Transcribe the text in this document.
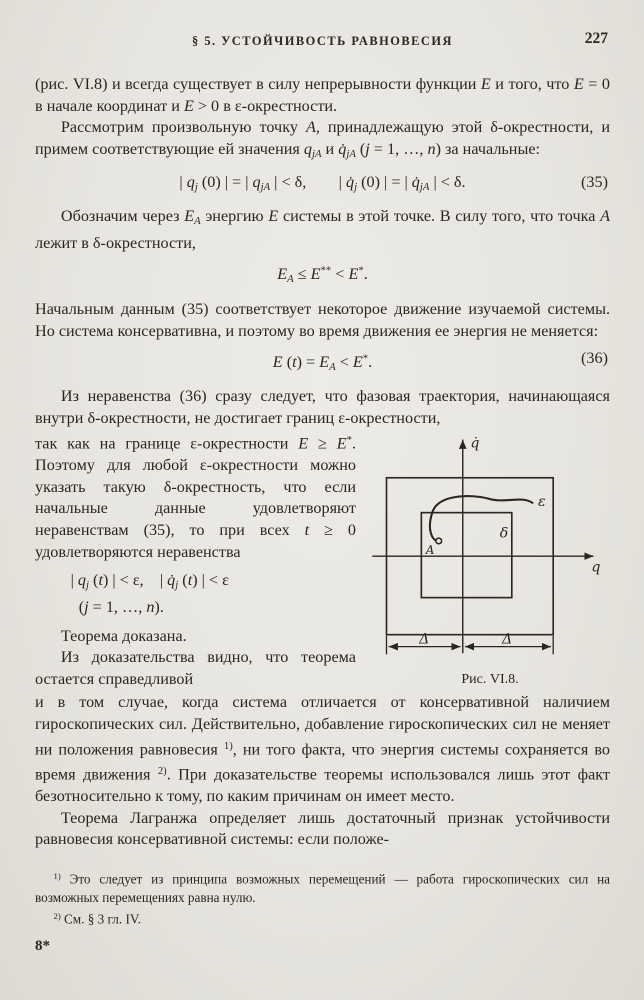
§ 5. УСТОЙЧИВОСТЬ РАВНОВЕСИЯ	227

(рис. VI.8) и всегда существует в силу непрерывности функции E и того, что E = 0 в начале координат и E > 0 в ε-окрестности.

Рассмотрим произвольную точку A, принадлежащую этой δ-окрестности, и примем соответствующие ей значения qjA и q̇jA (j = 1, …, n) за начальные:

| qj (0) | = | qjA | < δ,  | q̇j (0) | = | q̇jA | < δ.	(35)

Обозначим через EA энергию E системы в этой точке. В силу того, что точка A лежит в δ-окрестности,

EA ≤ E** < E*.

Начальным данным (35) соответствует некоторое движение изучаемой системы. Но система консервативна, и поэтому во время движения ее энергия не меняется:

E (t) = EA < E*.	(36)

Из неравенства (36) сразу следует, что фазовая траектория, начинающаяся внутри δ-окрестности, не достигает границ ε-окрестности,

q̇
q
ε
δ
A
Δ	Δ
Рис. VI.8.

так как на границе ε-окрестности E ≥ E*. Поэтому для любой ε-окрестности можно указать такую δ-окрестность, что если начальные данные удовлетворяют неравенствам (35), то при всех t ≥ 0 удовлетворяются неравенства

| qj (t) | < ε, | q̇j (t) | < ε
(j = 1, …, n).

Теорема доказана.

Из доказательства видно, что теорема остается справедливой

и в том случае, когда система отличается от консервативной наличием гироскопических сил. Действительно, добавление гироскопических сил не меняет ни положения равновесия $^{1)}$, ни того факта, что энергия системы сохраняется во время движения $^{2)}$. При доказательстве теоремы использовался лишь этот факт безотносительно к тому, по каким причинам он имеет место.

Теорема Лагранжа определяет лишь достаточный признак устойчивости равновесия консервативной системы: если положе-

$^{1)}$ Это следует из принципа возможных перемещений — работа гироскопических сил на возможных перемещениях равна нулю.

$^{2)}$ См. § 3 гл. IV.

8*
